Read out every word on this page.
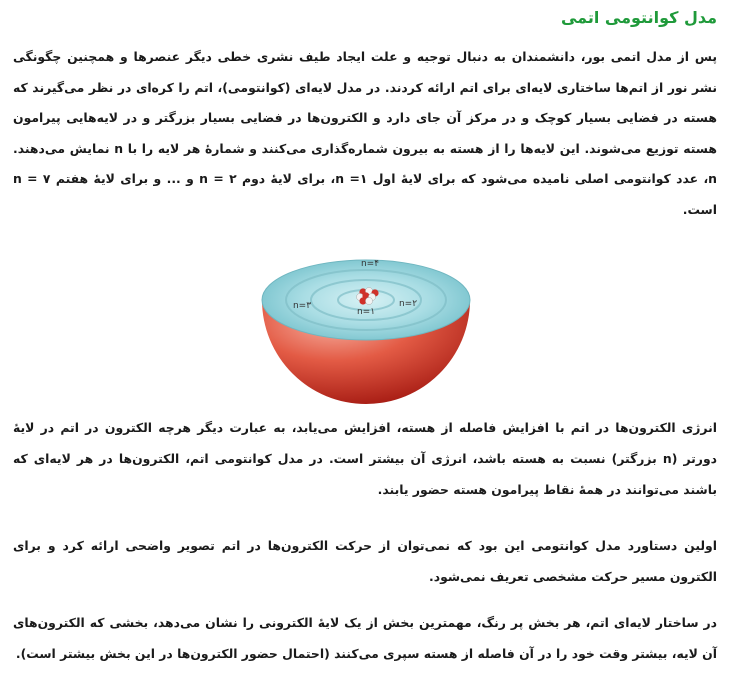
مدل کوانتومی اتمی

پس از مدل اتمی بور، دانشمندان به دنبال توجیه و علت ایجاد طیف نشری خطی دیگر عنصرها و همچنین چگونگی نشر نور از اتم‌ها ساختاری لایه‌ای برای اتم ارائه کردند. در مدل لایه‌ای (کوانتومی)، اتم را کره‌ای در نظر می‌گیرند که هسته در فضایی بسیار کوچک و در مرکز آن جای دارد و الکترون‌ها در فضایی بسیار بزرگتر و در لایه‌هایی پیرامون هسته توزیع می‌شوند. این لایه‌ها را از هسته به بیرون شماره‌گذاری می‌کنند و شمارهٔ هر لایه را با n نمایش می‌دهند. n، عدد کوانتومی اصلی نامیده می‌شود که برای لایهٔ اول ۱= n، برای لایهٔ دوم ۲ = n و ... و برای لایهٔ هفتم ۷ = n است.

n=۱
n=۲
n=۳
n=۴

انرژی الکترون‌ها در اتم با افزایش فاصله از هسته، افزایش می‌یابد، به عبارت دیگر هرچه الکترون در اتم در لایهٔ دورتر (n بزرگتر) نسبت به هسته باشد، انرژی آن بیشتر است. در مدل کوانتومی اتم، الکترون‌ها در هر لایه‌ای که باشند می‌توانند در همهٔ نقاط پیرامون هسته حضور یابند.

اولین دستاورد مدل کوانتومی این بود که نمی‌توان از حرکت الکترون‌ها در اتم تصویر واضحی ارائه کرد و برای الکترون مسیر حرکت مشخصی تعریف نمی‌شود.

در ساختار لایه‌ای اتم، هر بخش پر رنگ، مهمترین بخش از یک لایهٔ الکترونی را نشان می‌دهد، بخشی که الکترون‌های آن لایه، بیشتر وقت خود را در آن فاصله از هسته سپری می‌کنند (احتمال حضور الکترون‌ها در این بخش بیشتر است).
